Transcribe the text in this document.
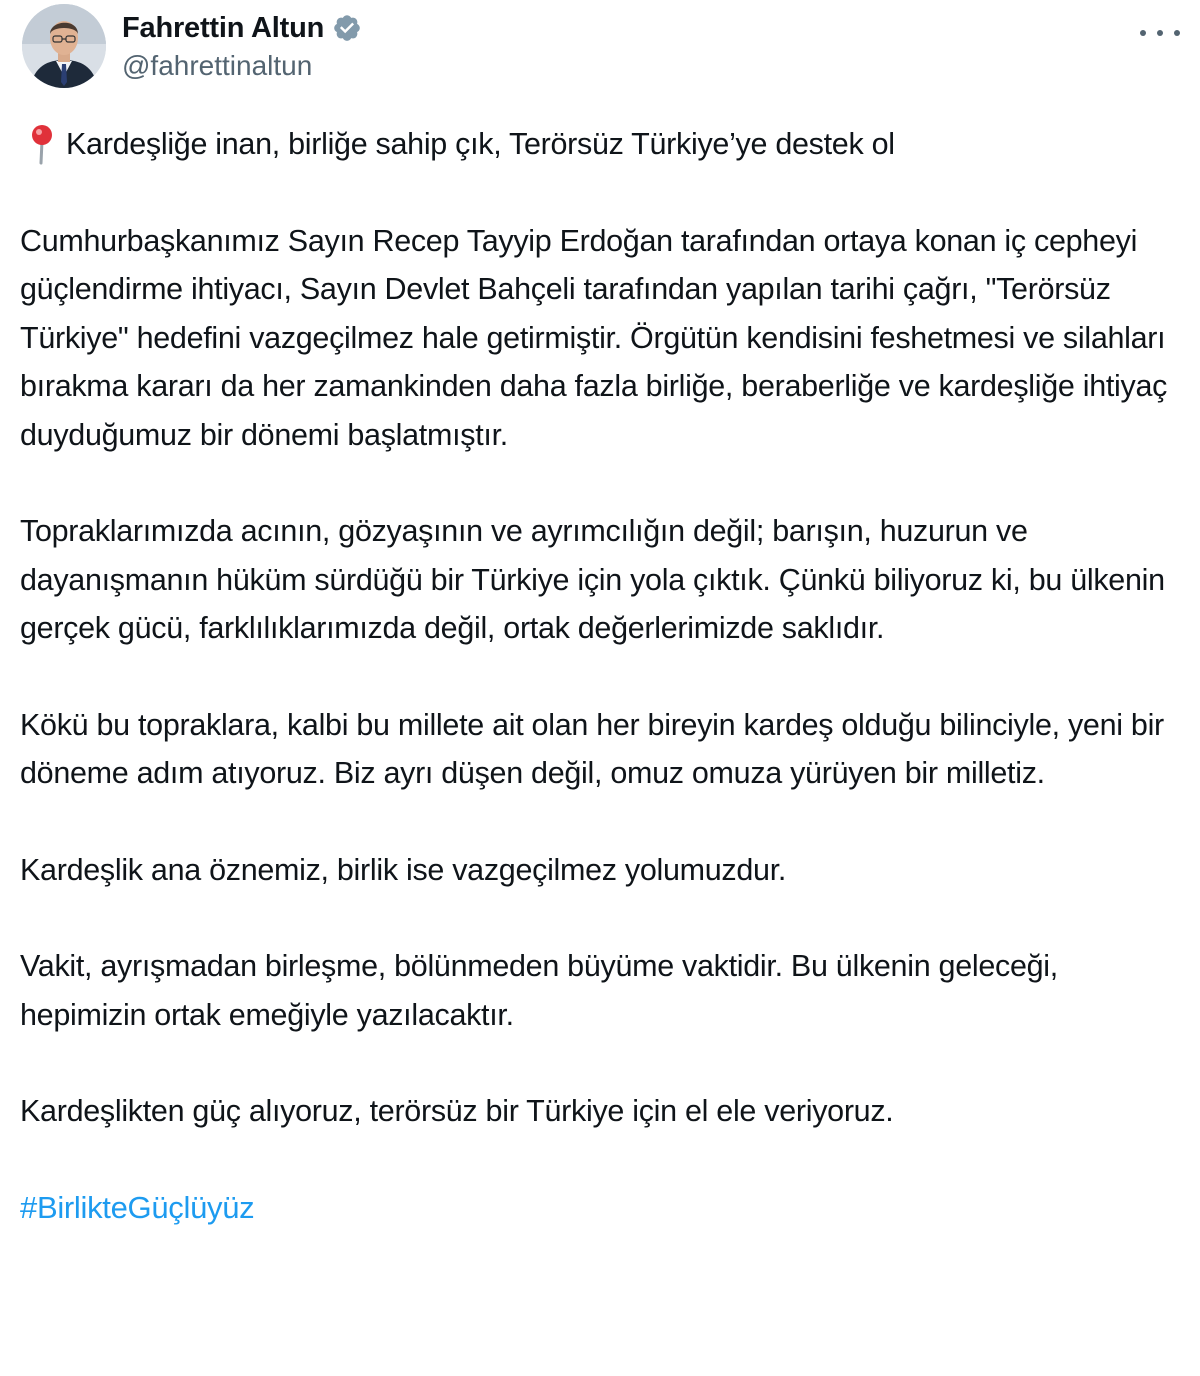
Fahrettin Altun
@fahrettinaltun
Kardeşliğe inan, birliğe sahip çık, Terörsüz Türkiye’ye destek ol

Cumhurbaşkanımız Sayın Recep Tayyip Erdoğan tarafından ortaya konan iç cepheyi güçlendirme ihtiyacı, Sayın Devlet Bahçeli tarafından yapılan tarihi çağrı, "Terörsüz Türkiye" hedefini vazgeçilmez hale getirmiştir. Örgütün kendisini feshetmesi ve silahları bırakma kararı da her zamankinden daha fazla birliğe, beraberliğe ve kardeşliğe ihtiyaç duyduğumuz bir dönemi başlatmıştır.

Topraklarımızda acının, gözyaşının ve ayrımcılığın değil; barışın, huzurun ve dayanışmanın hüküm sürdüğü bir Türkiye için yola çıktık. Çünkü biliyoruz ki, bu ülkenin gerçek gücü, farklılıklarımızda değil, ortak değerlerimizde saklıdır.

Kökü bu topraklara, kalbi bu millete ait olan her bireyin kardeş olduğu bilinciyle, yeni bir döneme adım atıyoruz. Biz ayrı düşen değil, omuz omuza yürüyen bir milletiz.

Kardeşlik ana öznemiz, birlik ise vazgeçilmez yolumuzdur.

Vakit, ayrışmadan birleşme, bölünmeden büyüme vaktidir. Bu ülkenin geleceği, hepimizin ortak emeğiyle yazılacaktır.

Kardeşlikten güç alıyoruz, terörsüz bir Türkiye için el ele veriyoruz.

#BirlikteGüçlüyüz
